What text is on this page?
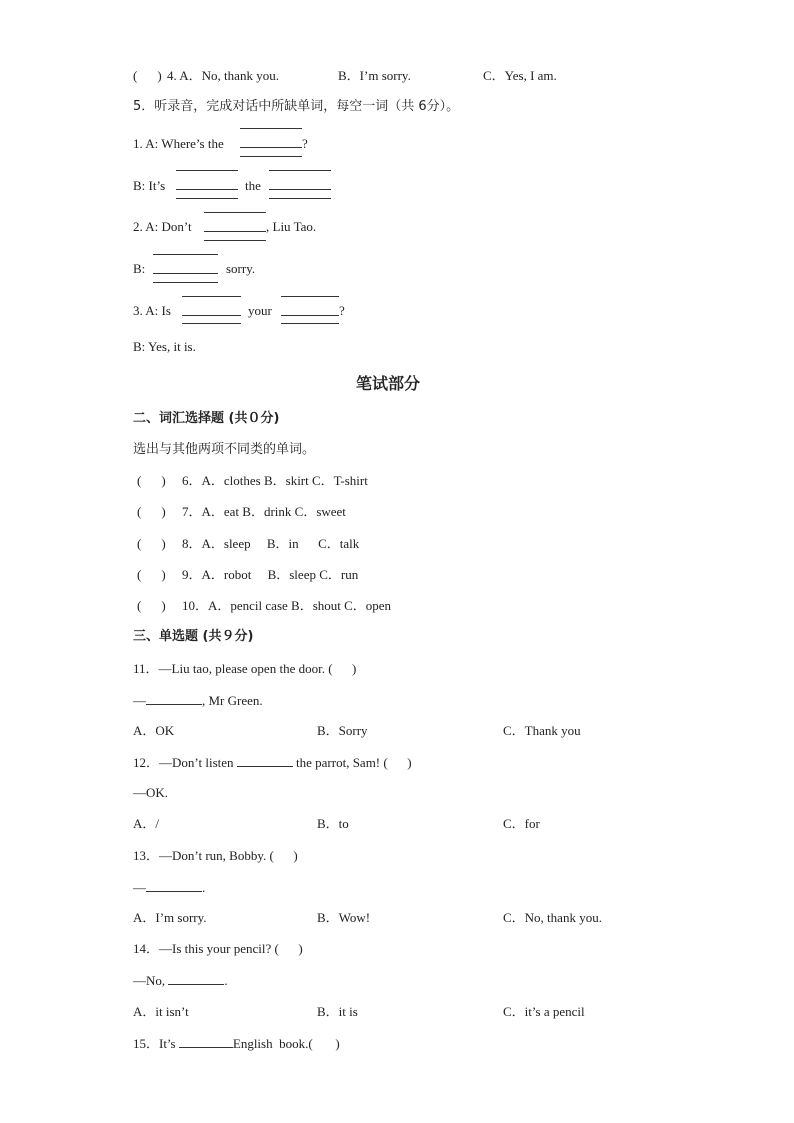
( ) 4. A．No, thank you.	B．I’m sorry.	C．Yes, I am.
5．听录音，完成对话中所缺单词，每空一词（共 6分）。
1. A: Where’s the	?
B: It’s	the
2. A: Don’t	, Liu Tao.
B:	sorry.
3. A: Is	your	?
B: Yes, it is.
笔试部分
二、词汇选择题 (共０分)
选出与其他两项不同类的单词。
( ) 6．A．clothes B．skirt C．T-shirt
( ) 7．A．eat B．drink C．sweet
( ) 8．A．sleep     B．in      C．talk
( ) 9．A．robot     B．sleep C．run
( ) 10．A．pencil case B．shout C．open
三、单选题 (共９分)
11．—Liu tao, please open the door. (      )
—	, Mr Green.
A．OK	B．Sorry	C．Thank you
12．—Don’t listen	the parrot, Sam! (      )
—OK.
A．/	B．to	C．for
13．—Don’t run, Bobby. (      )
—	.
A．I’m sorry.	B．Wow!	C．No, thank you.
14．—Is this your pencil? (      )
—No,	.
A．it isn’t	B．it is	C．it’s a pencil
15．It’s	English  book.(       )
